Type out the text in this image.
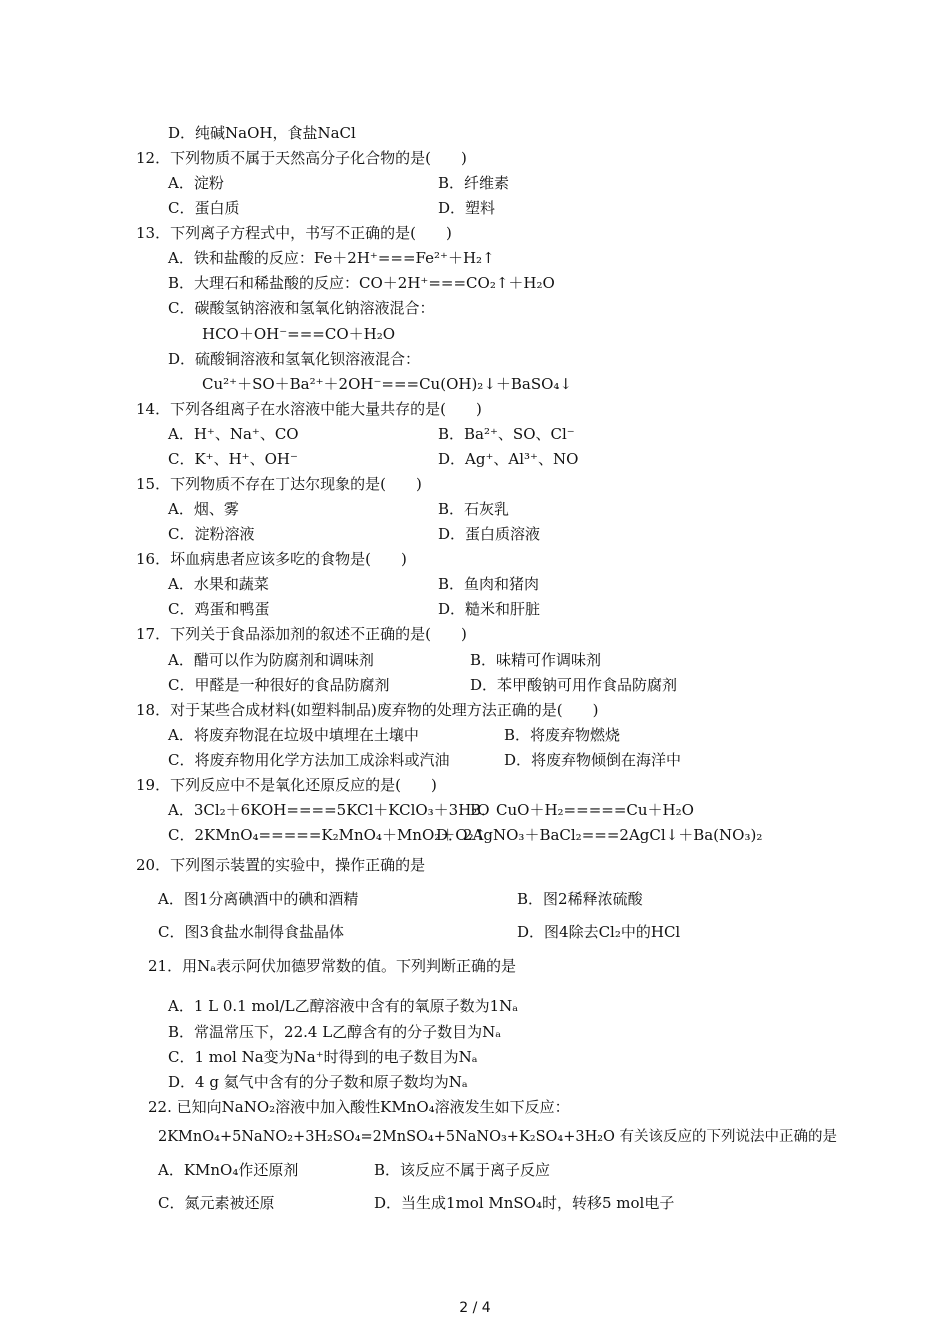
D．纯碱NaOH，食盐NaCl
12．下列物质不属于天然高分子化合物的是(　　)
A．淀粉	B．纤维素
C．蛋白质	D．塑料
13．下列离子方程式中，书写不正确的是(　　)
A．铁和盐酸的反应：Fe＋2H⁺===Fe²⁺＋H₂↑
B．大理石和稀盐酸的反应：CO＋2H⁺===CO₂↑＋H₂O
C．碳酸氢钠溶液和氢氧化钠溶液混合：
HCO＋OH⁻===CO＋H₂O
D．硫酸铜溶液和氢氧化钡溶液混合：
Cu²⁺＋SO＋Ba²⁺＋2OH⁻===Cu(OH)₂↓＋BaSO₄↓
14．下列各组离子在水溶液中能大量共存的是(　　)
A．H⁺、Na⁺、CO	B．Ba²⁺、SO、Cl⁻
C．K⁺、H⁺、OH⁻	D．Ag⁺、Al³⁺、NO
15．下列物质不存在丁达尔现象的是(　　)
A．烟、雾	B．石灰乳
C．淀粉溶液	D．蛋白质溶液
16．坏血病患者应该多吃的食物是(　　)
A．水果和蔬菜	B．鱼肉和猪肉
C．鸡蛋和鸭蛋	D．糙米和肝脏
17．下列关于食品添加剂的叙述不正确的是(　　)
A．醋可以作为防腐剂和调味剂	B．味精可作调味剂
C．甲醛是一种很好的食品防腐剂	D．苯甲酸钠可用作食品防腐剂
18．对于某些合成材料(如塑料制品)废弃物的处理方法正确的是(　　)
A．将废弃物混在垃圾中填埋在土壤中	B．将废弃物燃烧
C．将废弃物用化学方法加工成涂料或汽油	D．将废弃物倾倒在海洋中
19．下列反应中不是氧化还原反应的是(　　)
A．3Cl₂＋6KOH====5KCl＋KClO₃＋3H₂O
B．CuO＋H₂=====Cu＋H₂O
C．2KMnO₄=====K₂MnO₄＋MnO₂＋O₂↑
D．2AgNO₃＋BaCl₂===2AgCl↓＋Ba(NO₃)₂
20．下列图示装置的实验中，操作正确的是
A．图1分离碘酒中的碘和酒精	B．图2稀释浓硫酸
C．图3食盐水制得食盐晶体	D．图4除去Cl₂中的HCl
21．用Nₐ表示阿伏加德罗常数的值。下列判断正确的是
A．1 L 0.1 mol/L乙醇溶液中含有的氧原子数为1Nₐ
B．常温常压下，22.4 L乙醇含有的分子数目为Nₐ
C．1 mol Na变为Na⁺时得到的电子数目为Nₐ
D．4 g 氦气中含有的分子数和原子数均为Nₐ
22. 已知向NaNO₂溶液中加入酸性KMnO₄溶液发生如下反应：
2KMnO₄+5NaNO₂+3H₂SO₄=2MnSO₄+5NaNO₃+K₂SO₄+3H₂O 有关该反应的下列说法中正确的是
A．KMnO₄作还原剂	B．该反应不属于离子反应
C．氮元素被还原	D．当生成1mol MnSO₄时，转移5 mol电子
2 / 4
